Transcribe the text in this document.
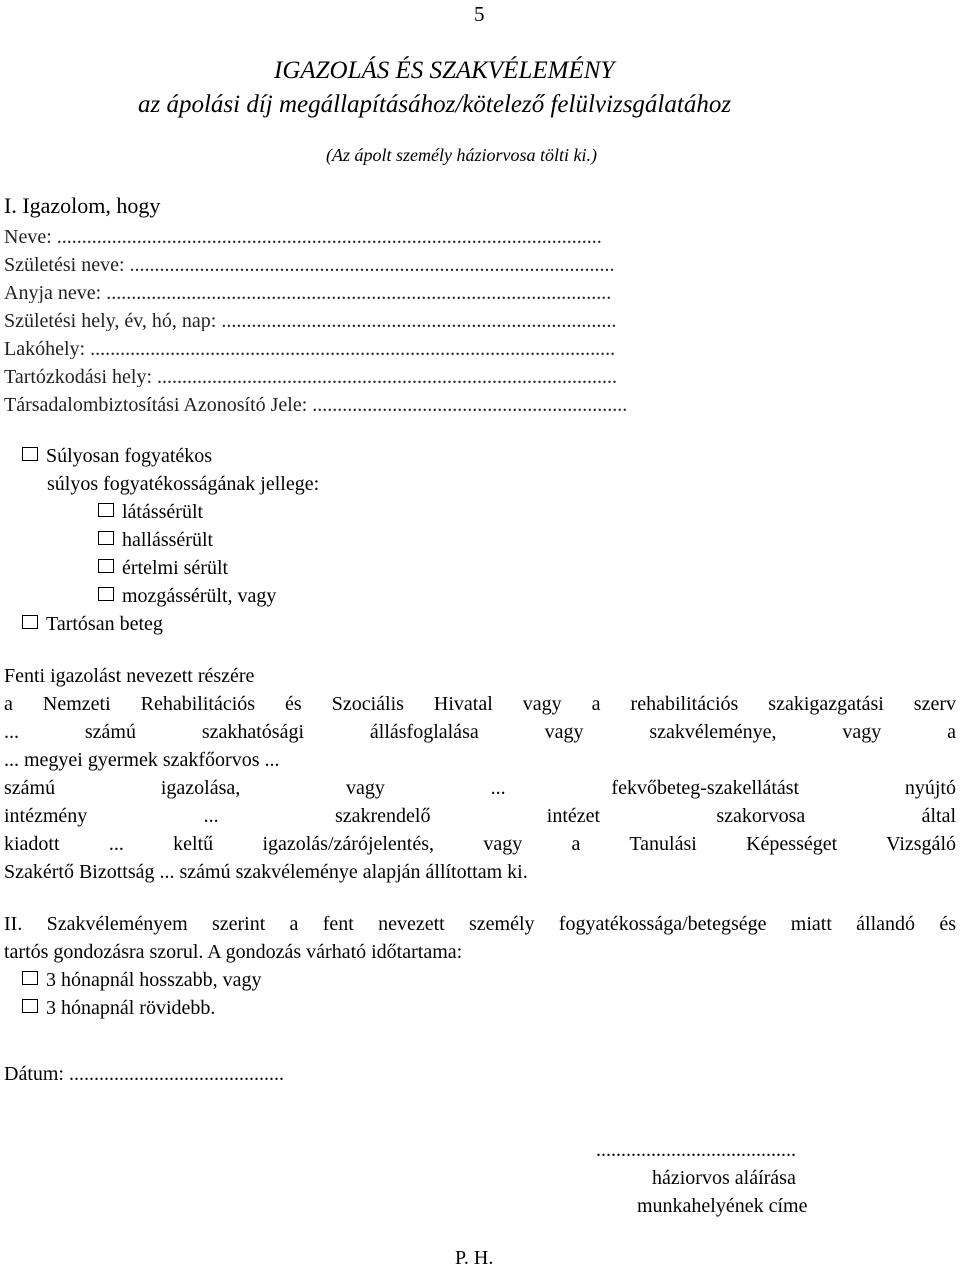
5
IGAZOLÁS ÉS SZAKVÉLEMÉNY
az ápolási díj megállapításához/kötelező felülvizsgálatához
(Az ápolt személy háziorvosa tölti ki.)
I. Igazolom, hogy
Neve: .............................................................................................................
Születési neve: .................................................................................................
Anyja neve: .....................................................................................................
Születési hely, év, hó, nap: ...............................................................................
Lakóhely: .........................................................................................................
Tartózkodási hely: ............................................................................................
Társadalombiztosítási Azonosító Jele: ...............................................................
Súlyosan fogyatékos
súlyos fogyatékosságának jellege:
látássérült
hallássérült
értelmi sérült
mozgássérült, vagy
Tartósan beteg
Fenti igazolást nevezett részére
a Nemzeti Rehabilitációs és Szociális Hivatal vagy a rehabilitációs szakigazgatási szerv
... számú szakhatósági állásfoglalása vagy szakvéleménye, vagy a
... megyei gyermek szakfőorvos ...
számú igazolása, vagy ... fekvőbeteg-szakellátást nyújtó
intézmény ... szakrendelő intézet szakorvosa által
kiadott ... keltű igazolás/zárójelentés, vagy a Tanulási Képességet Vizsgáló
Szakértő Bizottság ... számú szakvéleménye alapján állítottam ki.
II. Szakvéleményem szerint a fent nevezett személy fogyatékossága/betegsége miatt állandó és
tartós gondozásra szorul. A gondozás várható időtartama:
3 hónapnál hosszabb, vagy
3 hónapnál rövidebb.
Dátum: ...........................................
........................................
háziorvos aláírása
munkahelyének címe
P. H.
